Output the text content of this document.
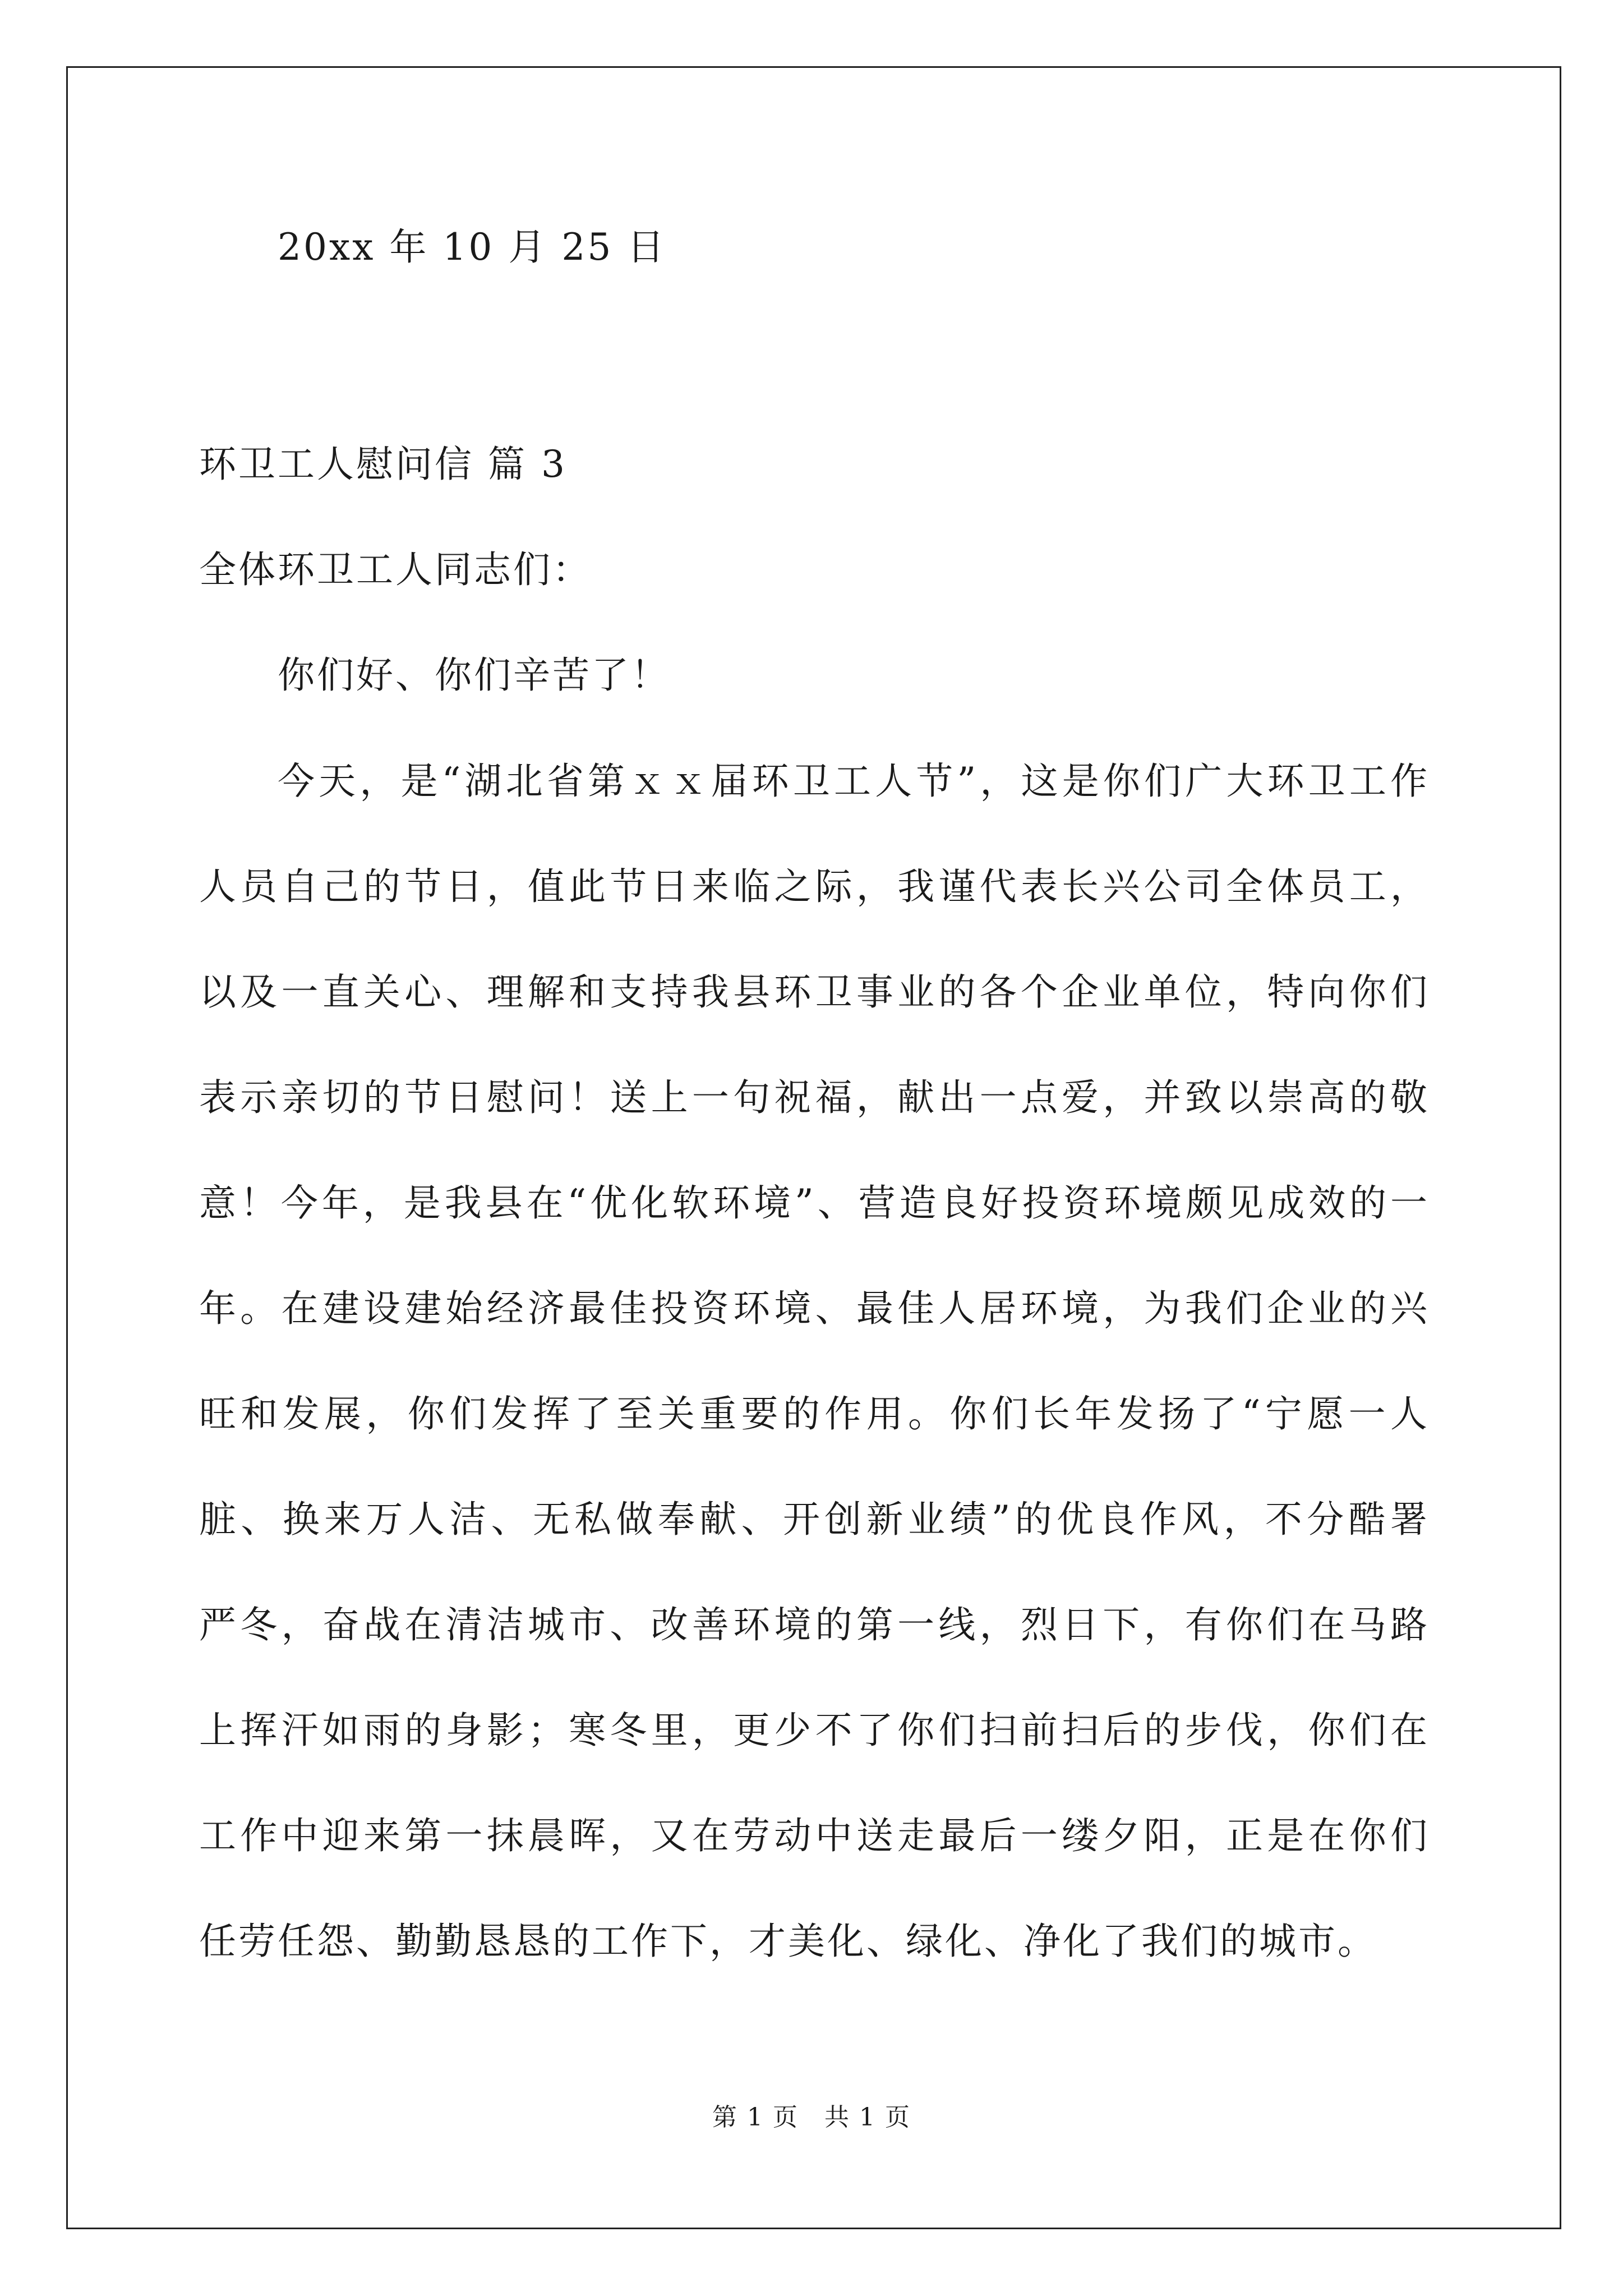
20xx 年 10 月 25 日
环卫工人慰问信 篇 3
全体环卫工人同志们：
你们好、你们辛苦了！
今天，是“湖北省第ｘｘ届环卫工人节”，这是你们广大环卫工作
人员自己的节日，值此节日来临之际，我谨代表长兴公司全体员工，
以及一直关心、理解和支持我县环卫事业的各个企业单位，特向你们
表示亲切的节日慰问！送上一句祝福，献出一点爱，并致以崇高的敬
意！今年，是我县在“优化软环境”、营造良好投资环境颇见成效的一
年。在建设建始经济最佳投资环境、最佳人居环境，为我们企业的兴
旺和发展，你们发挥了至关重要的作用。你们长年发扬了“宁愿一人
脏、换来万人洁、无私做奉献、开创新业绩”的优良作风，不分酷署
严冬，奋战在清洁城市、改善环境的第一线，烈日下，有你们在马路
上挥汗如雨的身影；寒冬里，更少不了你们扫前扫后的步伐，你们在
工作中迎来第一抹晨晖，又在劳动中送走最后一缕夕阳，正是在你们
任劳任怨、勤勤恳恳的工作下，才美化、绿化、净化了我们的城市。
第 1 页　共 1 页
